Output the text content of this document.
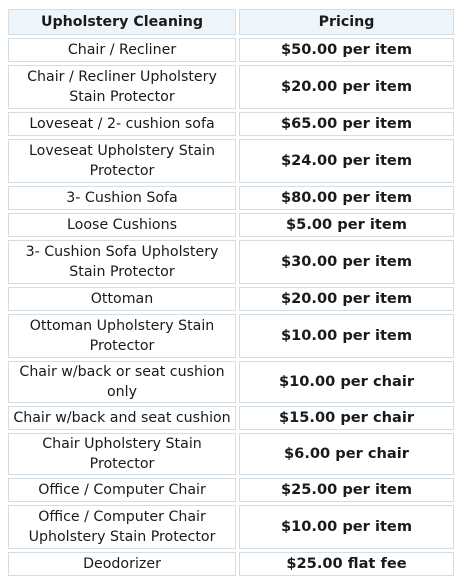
Upholstery Cleaning	Pricing
Chair / Recliner	$50.00 per item
Chair / Recliner Upholstery Stain Protector	$20.00 per item
Loveseat / 2- cushion sofa	$65.00 per item
Loveseat Upholstery Stain Protector	$24.00 per item
3- Cushion Sofa	$80.00 per item
Loose Cushions	$5.00 per item
3- Cushion Sofa Upholstery Stain Protector	$30.00 per item
Ottoman	$20.00 per item
Ottoman Upholstery Stain Protector	$10.00 per item
Chair w/back or seat cushion only	$10.00 per chair
Chair w/back and seat cushion	$15.00 per chair
Chair Upholstery Stain Protector	$6.00 per chair
Office / Computer Chair	$25.00 per item
Office / Computer Chair Upholstery Stain Protector	$10.00 per item
Deodorizer	$25.00 flat fee
